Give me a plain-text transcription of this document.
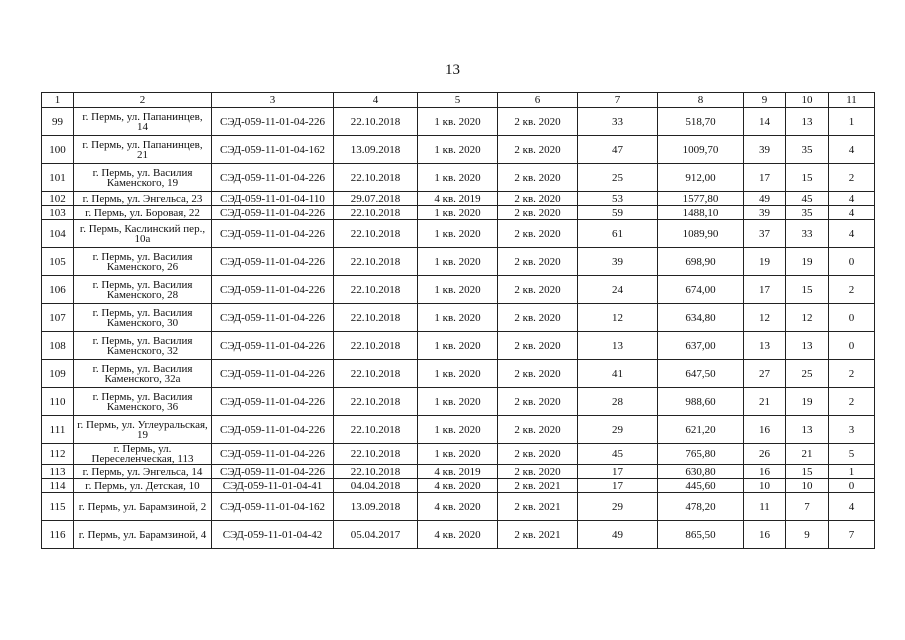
13
1	2	3	4	5	6	7	8	9	10	11
99	г. Пермь, ул. Папанинцев, 14	СЭД-059-11-01-04-226	22.10.2018	1 кв. 2020	2 кв. 2020	33	518,70	14	13	1
100	г. Пермь, ул. Папанинцев, 21	СЭД-059-11-01-04-162	13.09.2018	1 кв. 2020	2 кв. 2020	47	1009,70	39	35	4
101	г. Пермь, ул. Василия Каменского, 19	СЭД-059-11-01-04-226	22.10.2018	1 кв. 2020	2 кв. 2020	25	912,00	17	15	2
102	г. Пермь, ул. Энгельса, 23	СЭД-059-11-01-04-110	29.07.2018	4 кв. 2019	2 кв. 2020	53	1577,80	49	45	4
103	г. Пермь, ул. Боровая, 22	СЭД-059-11-01-04-226	22.10.2018	1 кв. 2020	2 кв. 2020	59	1488,10	39	35	4
104	г. Пермь, Каслинский пер., 10а	СЭД-059-11-01-04-226	22.10.2018	1 кв. 2020	2 кв. 2020	61	1089,90	37	33	4
105	г. Пермь, ул. Василия Каменского, 26	СЭД-059-11-01-04-226	22.10.2018	1 кв. 2020	2 кв. 2020	39	698,90	19	19	0
106	г. Пермь, ул. Василия Каменского, 28	СЭД-059-11-01-04-226	22.10.2018	1 кв. 2020	2 кв. 2020	24	674,00	17	15	2
107	г. Пермь, ул. Василия Каменского, 30	СЭД-059-11-01-04-226	22.10.2018	1 кв. 2020	2 кв. 2020	12	634,80	12	12	0
108	г. Пермь, ул. Василия Каменского, 32	СЭД-059-11-01-04-226	22.10.2018	1 кв. 2020	2 кв. 2020	13	637,00	13	13	0
109	г. Пермь, ул. Василия Каменского, 32а	СЭД-059-11-01-04-226	22.10.2018	1 кв. 2020	2 кв. 2020	41	647,50	27	25	2
110	г. Пермь, ул. Василия Каменского, 36	СЭД-059-11-01-04-226	22.10.2018	1 кв. 2020	2 кв. 2020	28	988,60	21	19	2
111	г. Пермь, ул. Углеуральская, 19	СЭД-059-11-01-04-226	22.10.2018	1 кв. 2020	2 кв. 2020	29	621,20	16	13	3
112	г. Пермь, ул. Переселенческая, 113	СЭД-059-11-01-04-226	22.10.2018	1 кв. 2020	2 кв. 2020	45	765,80	26	21	5
113	г. Пермь, ул. Энгельса, 14	СЭД-059-11-01-04-226	22.10.2018	4 кв. 2019	2 кв. 2020	17	630,80	16	15	1
114	г. Пермь, ул. Детская, 10	СЭД-059-11-01-04-41	04.04.2018	4 кв. 2020	2 кв. 2021	17	445,60	10	10	0
115	г. Пермь, ул. Барамзиной, 2	СЭД-059-11-01-04-162	13.09.2018	4 кв. 2020	2 кв. 2021	29	478,20	11	7	4
116	г. Пермь, ул. Барамзиной, 4	СЭД-059-11-01-04-42	05.04.2017	4 кв. 2020	2 кв. 2021	49	865,50	16	9	7
